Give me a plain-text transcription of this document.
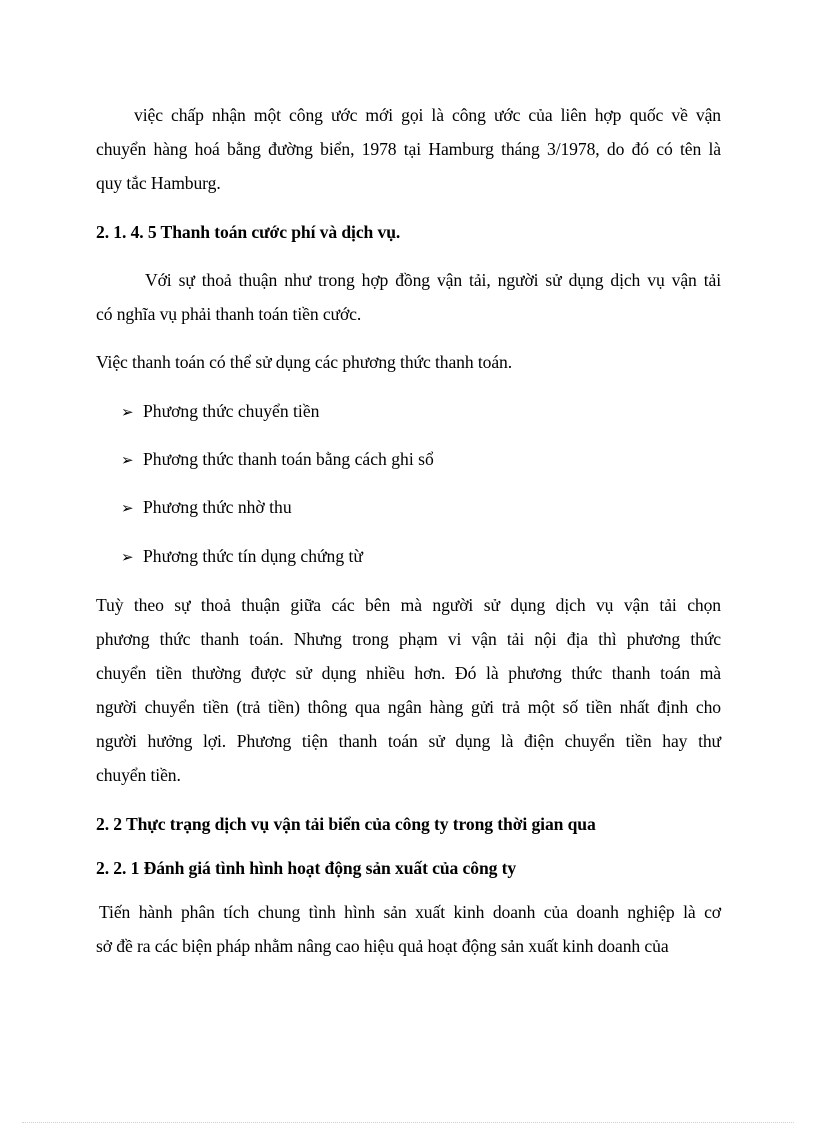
việc chấp nhận một công ước mới gọi là công ước của liên hợp quốc về vận
chuyển hàng hoá bằng đường biển, 1978 tại Hamburg tháng 3/1978, do đó có tên là
quy tắc Hamburg.
2. 1. 4. 5 Thanh toán cước phí và dịch vụ.
Với sự thoả thuận như trong hợp đồng vận tải, người sử dụng dịch vụ vận tải
có nghĩa vụ phải thanh toán tiền cước.
Việc thanh toán có thể sử dụng các phương thức thanh toán.
➢ Phương thức chuyển tiền
➢ Phương thức thanh toán bằng cách ghi sổ
➢ Phương thức nhờ thu
➢ Phương thức tín dụng chứng từ
Tuỳ theo sự thoả thuận giữa các bên mà người sử dụng dịch vụ vận tải chọn
phương thức thanh toán. Nhưng trong phạm vi vận tải nội địa thì phương thức
chuyển tiền thường được sử dụng nhiều hơn. Đó là phương thức thanh toán mà
người chuyển tiền (trả tiền) thông qua ngân hàng gửi trả một số tiền nhất định cho
người hưởng lợi. Phương tiện thanh toán sử dụng là điện chuyển tiền hay thư
chuyển tiền.
2. 2 Thực trạng dịch vụ vận tải biển của công ty trong thời gian qua
2. 2. 1 Đánh giá tình hình hoạt động sản xuất của công ty
Tiến hành phân tích chung tình hình sản xuất kinh doanh của doanh nghiệp là cơ
sở đề ra các biện pháp nhằm nâng cao hiệu quả hoạt động sản xuất kinh doanh của
